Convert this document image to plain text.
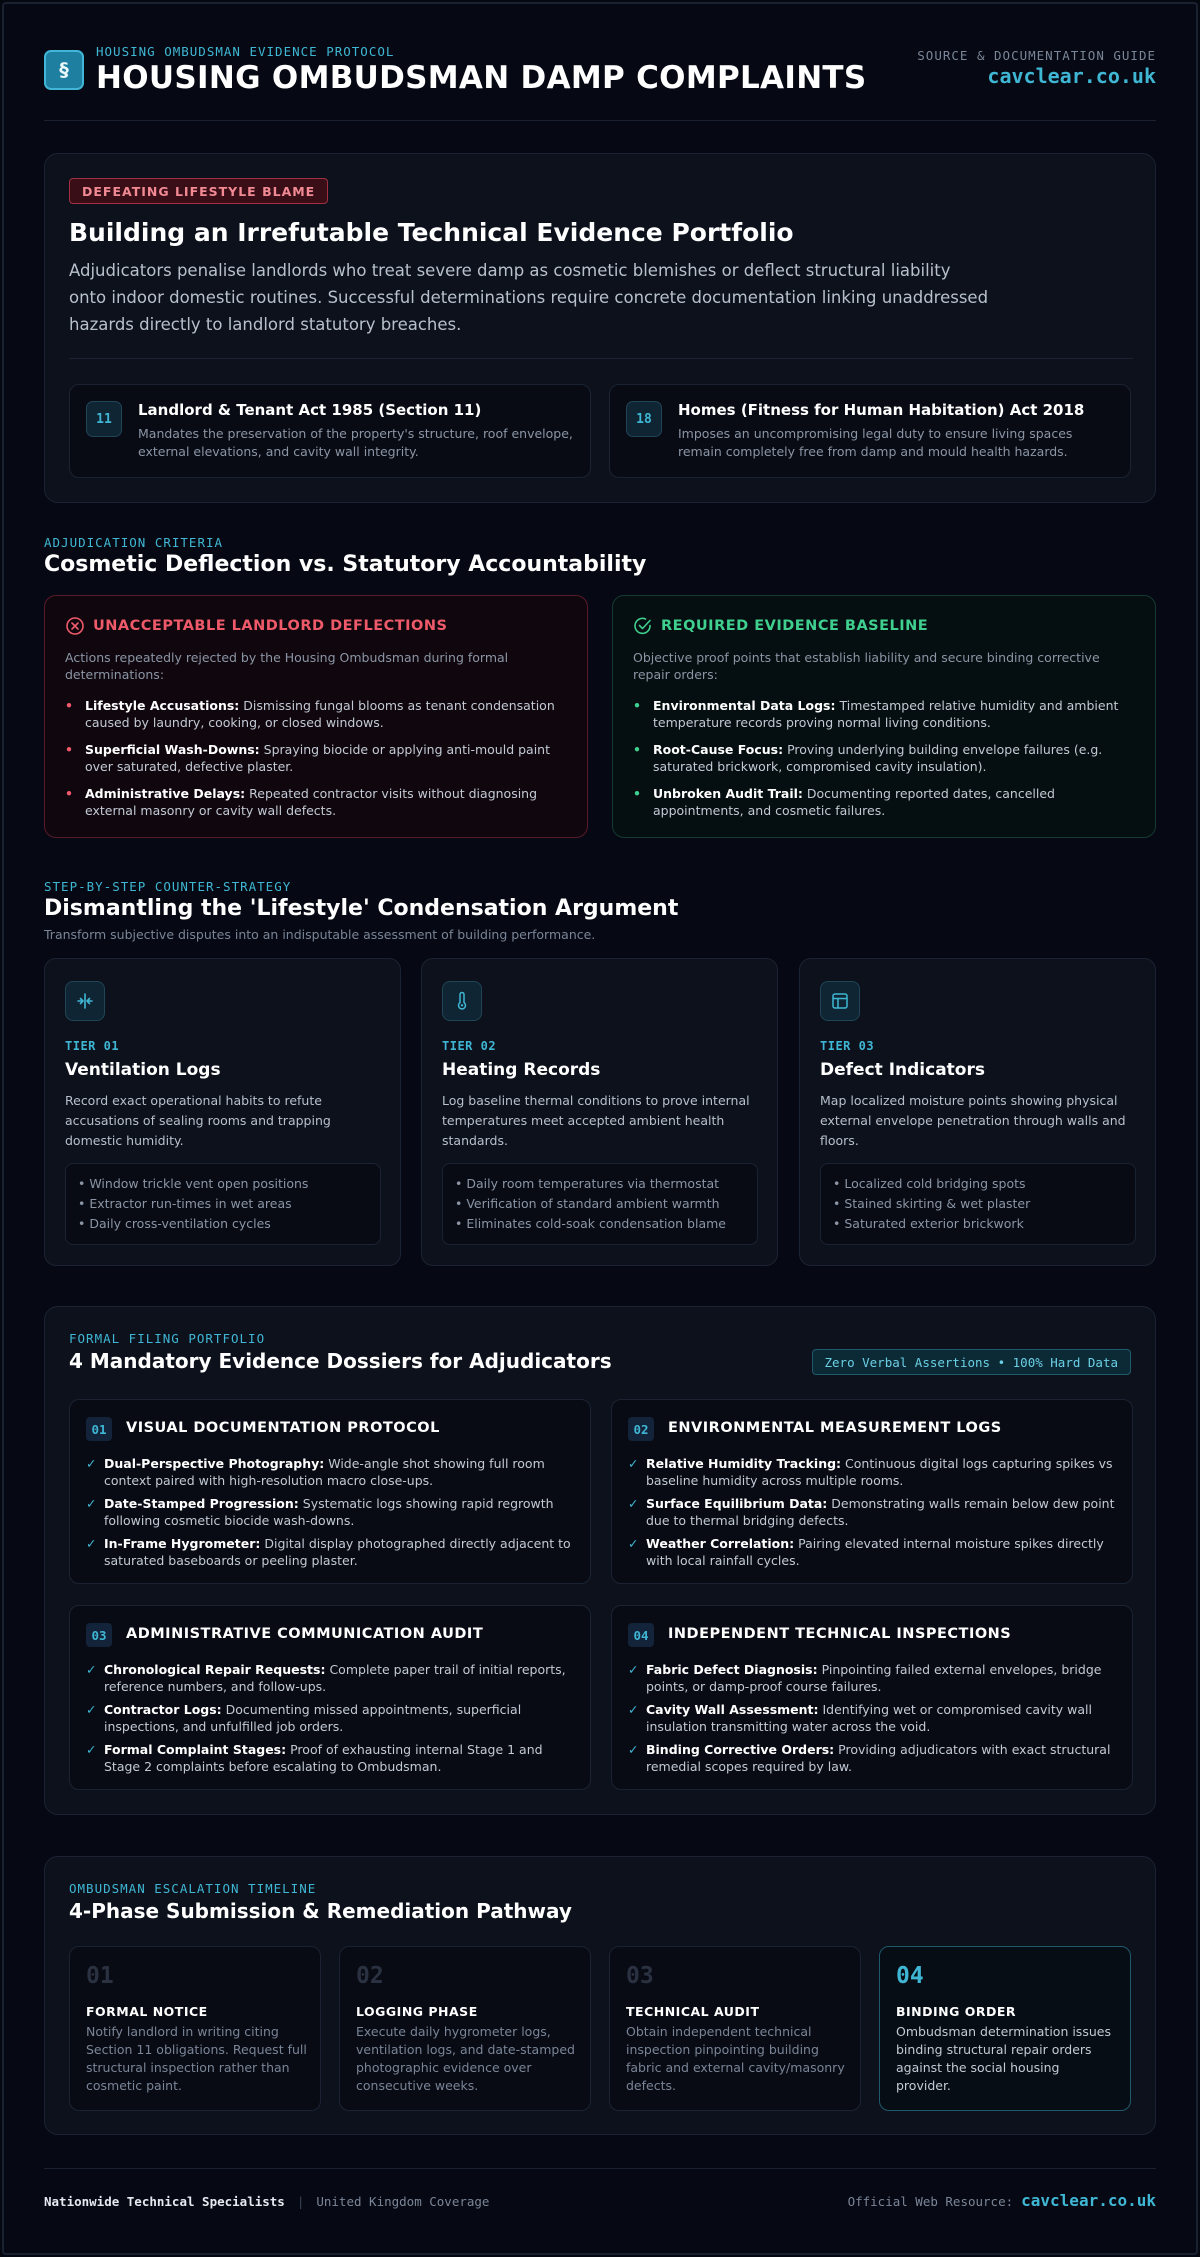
§
HOUSING OMBUDSMAN EVIDENCE PROTOCOL
HOUSING OMBUDSMAN DAMP COMPLAINTS
SOURCE & DOCUMENTATION GUIDE
cavclear.co.uk
DEFEATING LIFESTYLE BLAME
Building an Irrefutable Technical Evidence Portfolio
Adjudicators penalise landlords who treat severe damp as cosmetic blemishes or deflect structural liability onto indoor domestic routines. Successful determinations require concrete documentation linking unaddressed hazards directly to landlord statutory breaches.
11	Landlord & Tenant Act 1985 (Section 11)
Mandates the preservation of the property's structure, roof envelope, external elevations, and cavity wall integrity.
18	Homes (Fitness for Human Habitation) Act 2018
Imposes an uncompromising legal duty to ensure living spaces remain completely free from damp and mould health hazards.
ADJUDICATION CRITERIA
Cosmetic Deflection vs. Statutory Accountability
UNACCEPTABLE LANDLORD DEFLECTIONS
Actions repeatedly rejected by the Housing Ombudsman during formal determinations:
• Lifestyle Accusations: Dismissing fungal blooms as tenant condensation caused by laundry, cooking, or closed windows.
• Superficial Wash-Downs: Spraying biocide or applying anti-mould paint over saturated, defective plaster.
• Administrative Delays: Repeated contractor visits without diagnosing external masonry or cavity wall defects.
REQUIRED EVIDENCE BASELINE
Objective proof points that establish liability and secure binding corrective repair orders:
• Environmental Data Logs: Timestamped relative humidity and ambient temperature records proving normal living conditions.
• Root-Cause Focus: Proving underlying building envelope failures (e.g. saturated brickwork, compromised cavity insulation).
• Unbroken Audit Trail: Documenting reported dates, cancelled appointments, and cosmetic failures.
STEP-BY-STEP COUNTER-STRATEGY
Dismantling the 'Lifestyle' Condensation Argument
Transform subjective disputes into an indisputable assessment of building performance.
TIER 01
Ventilation Logs
Record exact operational habits to refute accusations of sealing rooms and trapping domestic humidity.
• Window trickle vent open positions
• Extractor run-times in wet areas
• Daily cross-ventilation cycles
TIER 02
Heating Records
Log baseline thermal conditions to prove internal temperatures meet accepted ambient health standards.
• Daily room temperatures via thermostat
• Verification of standard ambient warmth
• Eliminates cold-soak condensation blame
TIER 03
Defect Indicators
Map localized moisture points showing physical external envelope penetration through walls and floors.
• Localized cold bridging spots
• Stained skirting & wet plaster
• Saturated exterior brickwork
FORMAL FILING PORTFOLIO
4 Mandatory Evidence Dossiers for Adjudicators	Zero Verbal Assertions • 100% Hard Data
01	VISUAL DOCUMENTATION PROTOCOL
✓ Dual-Perspective Photography: Wide-angle shot showing full room context paired with high-resolution macro close-ups.
✓ Date-Stamped Progression: Systematic logs showing rapid regrowth following cosmetic biocide wash-downs.
✓ In-Frame Hygrometer: Digital display photographed directly adjacent to saturated baseboards or peeling plaster.
02	ENVIRONMENTAL MEASUREMENT LOGS
✓ Relative Humidity Tracking: Continuous digital logs capturing spikes vs baseline humidity across multiple rooms.
✓ Surface Equilibrium Data: Demonstrating walls remain below dew point due to thermal bridging defects.
✓ Weather Correlation: Pairing elevated internal moisture spikes directly with local rainfall cycles.
03	ADMINISTRATIVE COMMUNICATION AUDIT
✓ Chronological Repair Requests: Complete paper trail of initial reports, reference numbers, and follow-ups.
✓ Contractor Logs: Documenting missed appointments, superficial inspections, and unfulfilled job orders.
✓ Formal Complaint Stages: Proof of exhausting internal Stage 1 and Stage 2 complaints before escalating to Ombudsman.
04	INDEPENDENT TECHNICAL INSPECTIONS
✓ Fabric Defect Diagnosis: Pinpointing failed external envelopes, bridge points, or damp-proof course failures.
✓ Cavity Wall Assessment: Identifying wet or compromised cavity wall insulation transmitting water across the void.
✓ Binding Corrective Orders: Providing adjudicators with exact structural remedial scopes required by law.
OMBUDSMAN ESCALATION TIMELINE
4-Phase Submission & Remediation Pathway
01
FORMAL NOTICE
Notify landlord in writing citing Section 11 obligations. Request full structural inspection rather than cosmetic paint.
02
LOGGING PHASE
Execute daily hygrometer logs, ventilation logs, and date-stamped photographic evidence over consecutive weeks.
03
TECHNICAL AUDIT
Obtain independent technical inspection pinpointing building fabric and external cavity/masonry defects.
04
BINDING ORDER
Ombudsman determination issues binding structural repair orders against the social housing provider.
Nationwide Technical Specialists | United Kingdom Coverage	Official Web Resource: cavclear.co.uk
